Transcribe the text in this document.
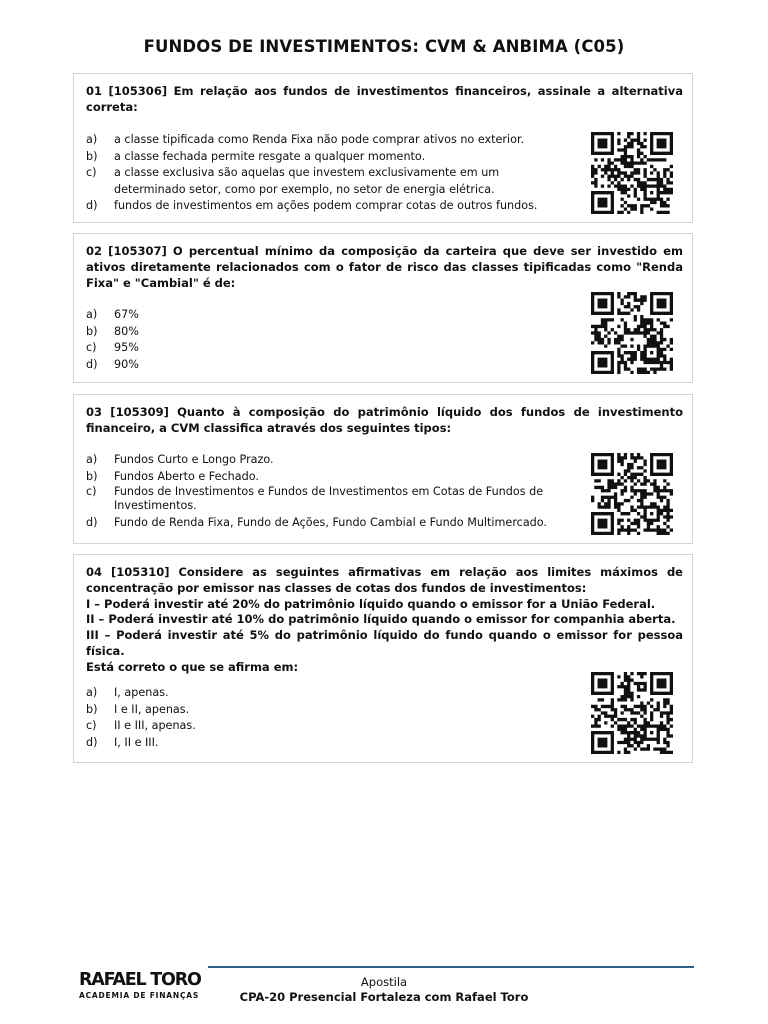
FUNDOS DE INVESTIMENTOS: CVM & ANBIMA (C05)
01 [105306] Em relação aos fundos de investimentos financeiros, assinale a alternativa correta:
a)	a classe tipificada como Renda Fixa não pode comprar ativos no exterior.
b)	a classe fechada permite resgate a qualquer momento.
c)	a classe exclusiva são aquelas que investem exclusivamente em um determinado setor, como por exemplo, no setor de energia elétrica.
d)	fundos de investimentos em ações podem comprar cotas de outros fundos.
02 [105307] O percentual mínimo da composição da carteira que deve ser investido em ativos diretamente relacionados com o fator de risco das classes tipificadas como "Renda Fixa" e "Cambial" é de:
a)	67%
b)	80%
c)	95%
d)	90%
03 [105309] Quanto à composição do patrimônio líquido dos fundos de investimento financeiro, a CVM classifica através dos seguintes tipos:
a)	Fundos Curto e Longo Prazo.
b)	Fundos Aberto e Fechado.
c)	Fundos de Investimentos e Fundos de Investimentos em Cotas de Fundos de Investimentos.
d)	Fundo de Renda Fixa, Fundo de Ações, Fundo Cambial e Fundo Multimercado.
04 [105310] Considere as seguintes afirmativas em relação aos limites máximos de concentração por emissor nas classes de cotas dos fundos de investimentos:
I – Poderá investir até 20% do patrimônio líquido quando o emissor for a União Federal.
II – Poderá investir até 10% do patrimônio líquido quando o emissor for companhia aberta.
III – Poderá investir até 5% do patrimônio líquido do fundo quando o emissor for pessoa física.
Está correto o que se afirma em:
a)	I, apenas.
b)	I e II, apenas.
c)	II e III, apenas.
d)	I, II e III.
RAFAEL TORO
ACADEMIA DE FINANÇAS
Apostila
CPA-20 Presencial Fortaleza com Rafael Toro
